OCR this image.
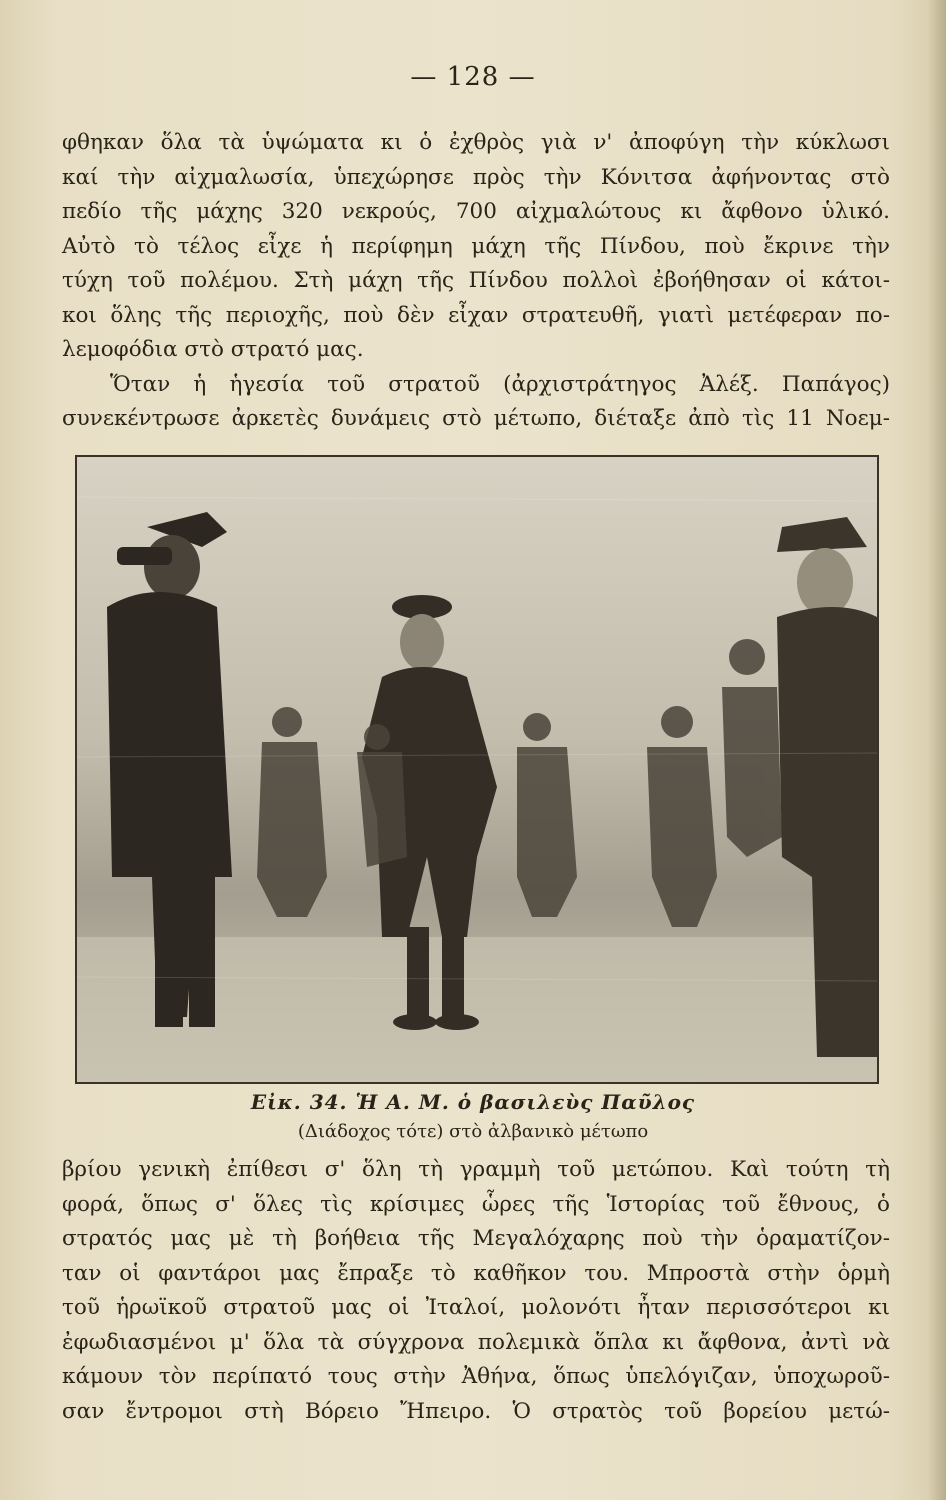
— 128 —
φθηκαν ὅλα τὰ ὑψώματα κι ὁ ἐχθρὸς γιὰ ν' ἀποφύγη τὴν κύκλωσι
καί τὴν αἰχμαλωσία, ὑπεχώρησε πρὸς τὴν Κόνιτσα ἀφήνοντας στὸ
πεδίο τῆς μάχης 320 νεκρούς, 700 αἰχμαλώτους κι ἄφθονο ὑλικό.
Αὐτὸ τὸ τέλος εἶχε ἡ περίφημη μάχη τῆς Πίνδου, ποὺ ἔκρινε τὴν
τύχη τοῦ πολέμου. Στὴ μάχη τῆς Πίνδου πολλοὶ ἐβοήθησαν οἱ κάτοι-
κοι ὅλης τῆς περιοχῆς, ποὺ δὲν εἶχαν στρατευθῆ, γιατὶ μετέφεραν πο-
λεμοφόδια στὸ στρατό μας.
Ὅταν ἡ ἡγεσία τοῦ στρατοῦ (ἀρχιστράτηγος Ἀλέξ. Παπάγος)
συνεκέντρωσε ἀρκετὲς δυνάμεις στὸ μέτωπο, διέταξε ἀπὸ τὶς 11 Νοεμ-
Εἰκ. 34. Ἡ Α. Μ. ὁ βασιλεὺς Παῦλος
(Διάδοχος τότε) στὸ ἀλβανικὸ μέτωπο
βρίου γενικὴ ἐπίθεσι σ' ὅλη τὴ γραμμὴ τοῦ μετώπου. Καὶ τούτη τὴ
φορά, ὅπως σ' ὅλες τὶς κρίσιμες ὧρες τῆς Ἱστορίας τοῦ ἔθνους, ὁ
στρατός μας μὲ τὴ βοήθεια τῆς Μεγαλόχαρης ποὺ τὴν ὁραματίζον-
ταν οἱ φαντάροι μας ἔπραξε τὸ καθῆκον του. Μπροστὰ στὴν ὁρμὴ
τοῦ ἡρωϊκοῦ στρατοῦ μας οἱ Ἰταλοί, μολονότι ἦταν περισσότεροι κι
ἐφωδιασμένοι μ' ὅλα τὰ σύγχρονα πολεμικὰ ὅπλα κι ἄφθονα, ἀντὶ νὰ
κάμουν τὸν περίπατό τους στὴν Ἀθήνα, ὅπως ὑπελόγιζαν, ὑποχωροῦ-
σαν ἔντρομοι στὴ Βόρειο Ἤπειρο. Ὁ στρατὸς τοῦ βορείου μετώ-
